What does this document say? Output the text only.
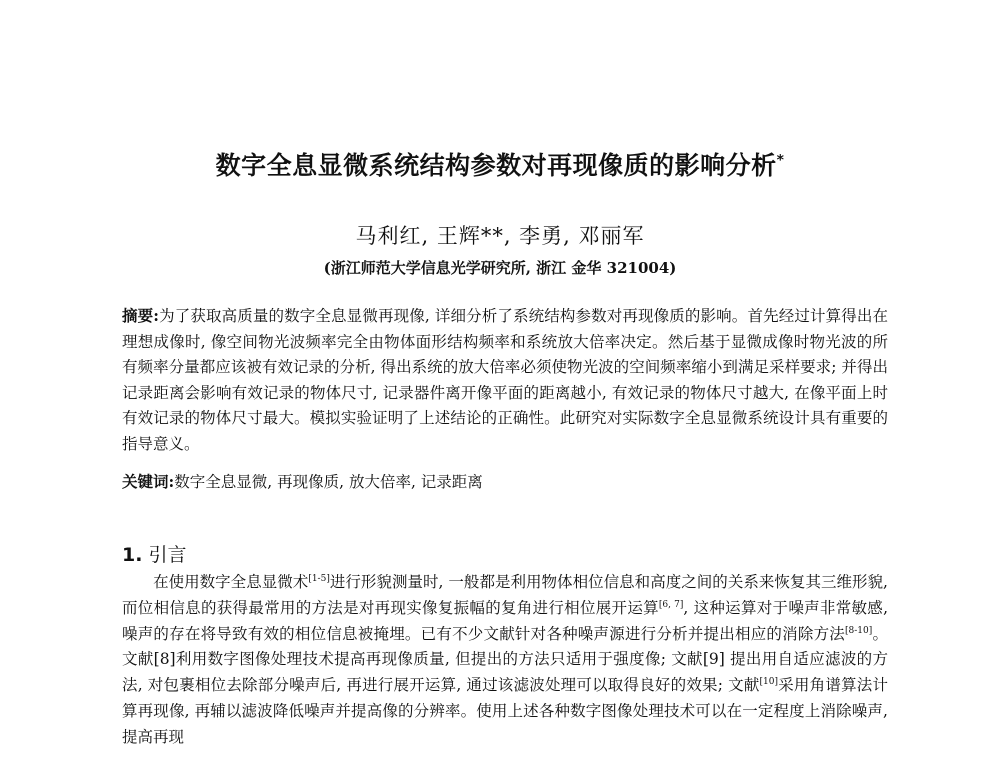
数字全息显微系统结构参数对再现像质的影响分析*
马利红, 王辉**, 李勇, 邓丽军
(浙江师范大学信息光学研究所, 浙江 金华 321004)
摘要:为了获取高质量的数字全息显微再现像, 详细分析了系统结构参数对再现像质的影响。首先经过计算得出在理想成像时, 像空间物光波频率完全由物体面形结构频率和系统放大倍率决定。然后基于显微成像时物光波的所有频率分量都应该被有效记录的分析, 得出系统的放大倍率必须使物光波的空间频率缩小到满足采样要求; 并得出记录距离会影响有效记录的物体尺寸, 记录器件离开像平面的距离越小, 有效记录的物体尺寸越大, 在像平面上时有效记录的物体尺寸最大。模拟实验证明了上述结论的正确性。此研究对实际数字全息显微系统设计具有重要的指导意义。
关键词:数字全息显微, 再现像质, 放大倍率, 记录距离
1. 引言

　　在使用数字全息显微术[1-5]进行形貌测量时, 一般都是利用物体相位信息和高度之间的关系来恢复其三维形貌, 而位相信息的获得最常用的方法是对再现实像复振幅的复角进行相位展开运算[6, 7], 这种运算对于噪声非常敏感, 噪声的存在将导致有效的相位信息被掩埋。已有不少文献针对各种噪声源进行分析并提出相应的消除方法[8-10]。文献[8]利用数字图像处理技术提高再现像质量, 但提出的方法只适用于强度像; 文献[9] 提出用自适应滤波的方法, 对包裹相位去除部分噪声后, 再进行展开运算, 通过该滤波处理可以取得良好的效果; 文献[10]采用角谱算法计算再现像, 再辅以滤波降低噪声并提高像的分辨率。使用上述各种数字图像处理技术可以在一定程度上消除噪声, 提高再现
